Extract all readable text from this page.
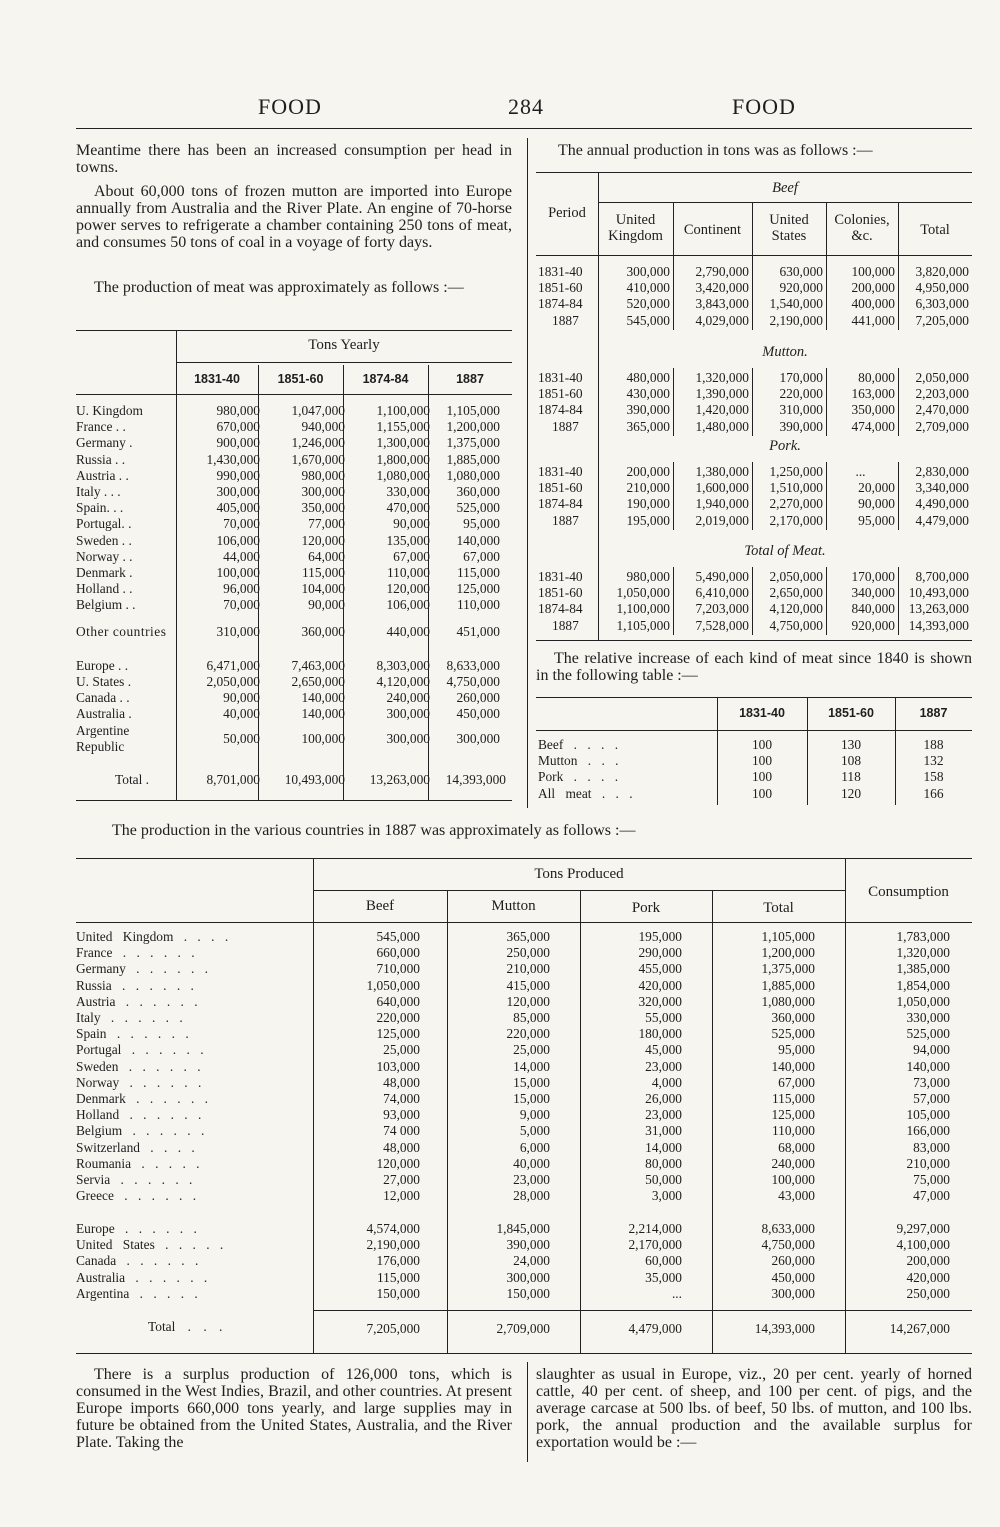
FOOD	284	FOOD

Meantime there has been an increased consumption per head in towns.

About 60,000 tons of frozen mutton are imported into Europe annually from Australia and the River Plate. An engine of 70-horse power serves to refrigerate a chamber containing 250 tons of meat, and consumes 50 tons of coal in a voyage of forty days.

The production of meat was approximately as follows :—

Tons Yearly
1831-40	1851-60	1874-84	1887
U. Kingdom	980,000	1,047,000	1,100,000	1,105,000
France . .	670,000	940,000	1,155,000	1,200,000
Germany .	900,000	1,246,000	1,300,000	1,375,000
Russia . .	1,430,000	1,670,000	1,800,000	1,885,000
Austria . .	990,000	980,000	1,080,000	1,080,000
Italy . . .	300,000	300,000	330,000	360,000
Spain. . .	405,000	350,000	470,000	525,000
Portugal. .	70,000	77,000	90,000	95,000
Sweden . .	106,000	120,000	135,000	140,000
Norway . .	44,000	64,000	67,000	67,000
Denmark .	100,000	115,000	110,000	115,000
Holland . .	96,000	104,000	120,000	125,000
Belgium . .	70,000	90,000	106,000	110,000
Other countries	310,000	360,000	440,000	451,000

Europe . .	6,471,000	7,463,000	8,303,000	8,633,000
U. States .	2,050,000	2,650,000	4,120,000	4,750,000
Canada . .	90,000	140,000	240,000	260,000
Australia .	40,000	140,000	300,000	450,000
Argentine Republic	50,000	100,000	300,000	300,000
Total .	8,701,000	10,493,000	13,263,000	14,393,000
The annual production in tons was as follows :—
Period
Beef
United Kingdom	Continent
United States
Colonies, &c.	Total
1831-40	300,000	2,790,000	630,000	100,000	3,820,000
1851-60	410,000	3,420,000	920,000	200,000	4,950,000
1874-84	520,000	3,843,000	1,540,000	400,000	6,303,000
1887	545,000	4,029,000	2,190,000	441,000	7,205,000
Mutton.
1831-40	480,000	1,320,000	170,000	80,000	2,050,000
1851-60	430,000	1,390,000	220,000	163,000	2,203,000
1874-84	390,000	1,420,000	310,000	350,000	2,470,000
1887	365,000	1,480,000	390,000	474,000	2,709,000
Pork.
1831-40	200,000	1,380,000	1,250,000	...	2,830,000
1851-60	210,000	1,600,000	1,510,000	20,000	3,340,000
1874-84	190,000	1,940,000	2,270,000	90,000	4,490,000
1887	195,000	2,019,000	2,170,000	95,000	4,479,000
Total of Meat.
1831-40	980,000	5,490,000	2,050,000	170,000	8,700,000
1851-60	1,050,000	6,410,000	2,650,000	340,000	10,493,000
1874-84	1,100,000	7,203,000	4,120,000	840,000	13,263,000
1887	1,105,000	7,528,000	4,750,000	920,000	14,393,000

The relative increase of each kind of meat since 1840 is shown in the following table :—

1831-40	1851-60	1887
Beef . . . .	100	130	188
Mutton . . .	100	108	132
Pork . . . .	100	118	158
All meat . . .	100	120	166
The production in the various countries in 1887 was approximately as follows :—
Tons Produced
Consumption
Beef	Mutton	Pork	Total
United Kingdom . . . .	545,000	365,000	195,000	1,105,000	1,783,000
France . . . . . .	660,000	250,000	290,000	1,200,000	1,320,000
Germany . . . . . .	710,000	210,000	455,000	1,375,000	1,385,000
Russia . . . . . .	1,050,000	415,000	420,000	1,885,000	1,854,000
Austria . . . . . .	640,000	120,000	320,000	1,080,000	1,050,000
Italy . . . . . .	220,000	85,000	55,000	360,000	330,000
Spain . . . . . .	125,000	220,000	180,000	525,000	525,000
Portugal . . . . . .	25,000	25,000	45,000	95,000	94,000
Sweden . . . . . .	103,000	14,000	23,000	140,000	140,000
Norway . . . . . .	48,000	15,000	4,000	67,000	73,000
Denmark . . . . . .	74,000	15,000	26,000	115,000	57,000
Holland . . . . . .	93,000	9,000	23,000	125,000	105,000
Belgium . . . . . .	74 000	5,000	31,000	110,000	166,000
Switzerland . . . .	48,000	6,000	14,000	68,000	83,000
Roumania . . . . .	120,000	40,000	80,000	240,000	210,000
Servia . . . . . .	27,000	23,000	50,000	100,000	75,000
Greece . . . . . .	12,000	28,000	3,000	43,000	47,000
Europe . . . . . .	4,574,000	1,845,000	2,214,000	8,633,000	9,297,000
United States . . . . .	2,190,000	390,000	2,170,000	4,750,000	4,100,000
Canada . . . . . .	176,000	24,000	60,000	260,000	200,000
Australia . . . . . .	115,000	300,000	35,000	450,000	420,000
Argentina . . . . .	150,000	150,000	...	300,000	250,000
Total . . .	7,205,000	2,709,000	4,479,000	14,393,000	14,267,000

There is a surplus production of 126,000 tons, which is consumed in the West Indies, Brazil, and other countries. At present Europe imports 660,000 tons yearly, and large supplies may in future be obtained from the United States, Australia, and the River Plate. Taking the

slaughter as usual in Europe, viz., 20 per cent. yearly of horned cattle, 40 per cent. of sheep, and 100 per cent. of pigs, and the average carcase at 500 lbs. of beef, 50 lbs. of mutton, and 100 lbs. pork, the annual production and the available surplus for exportation would be :—
